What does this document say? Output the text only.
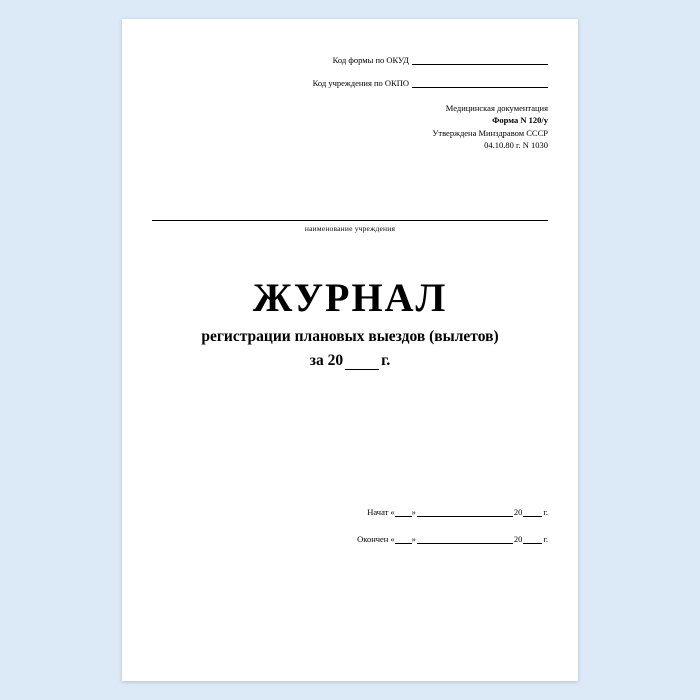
Код формы по ОКУД
Код учреждения по ОКПО
Медицинская документация
Форма N 120/у
Утверждена Минздравом СССР
04.10.80 г. N 1030
наименование учреждения
ЖУРНАЛ
регистрации плановых выездов (вылетов)
за 20 г.
Начат « »	20 г.
Окончен « »	20 г.
